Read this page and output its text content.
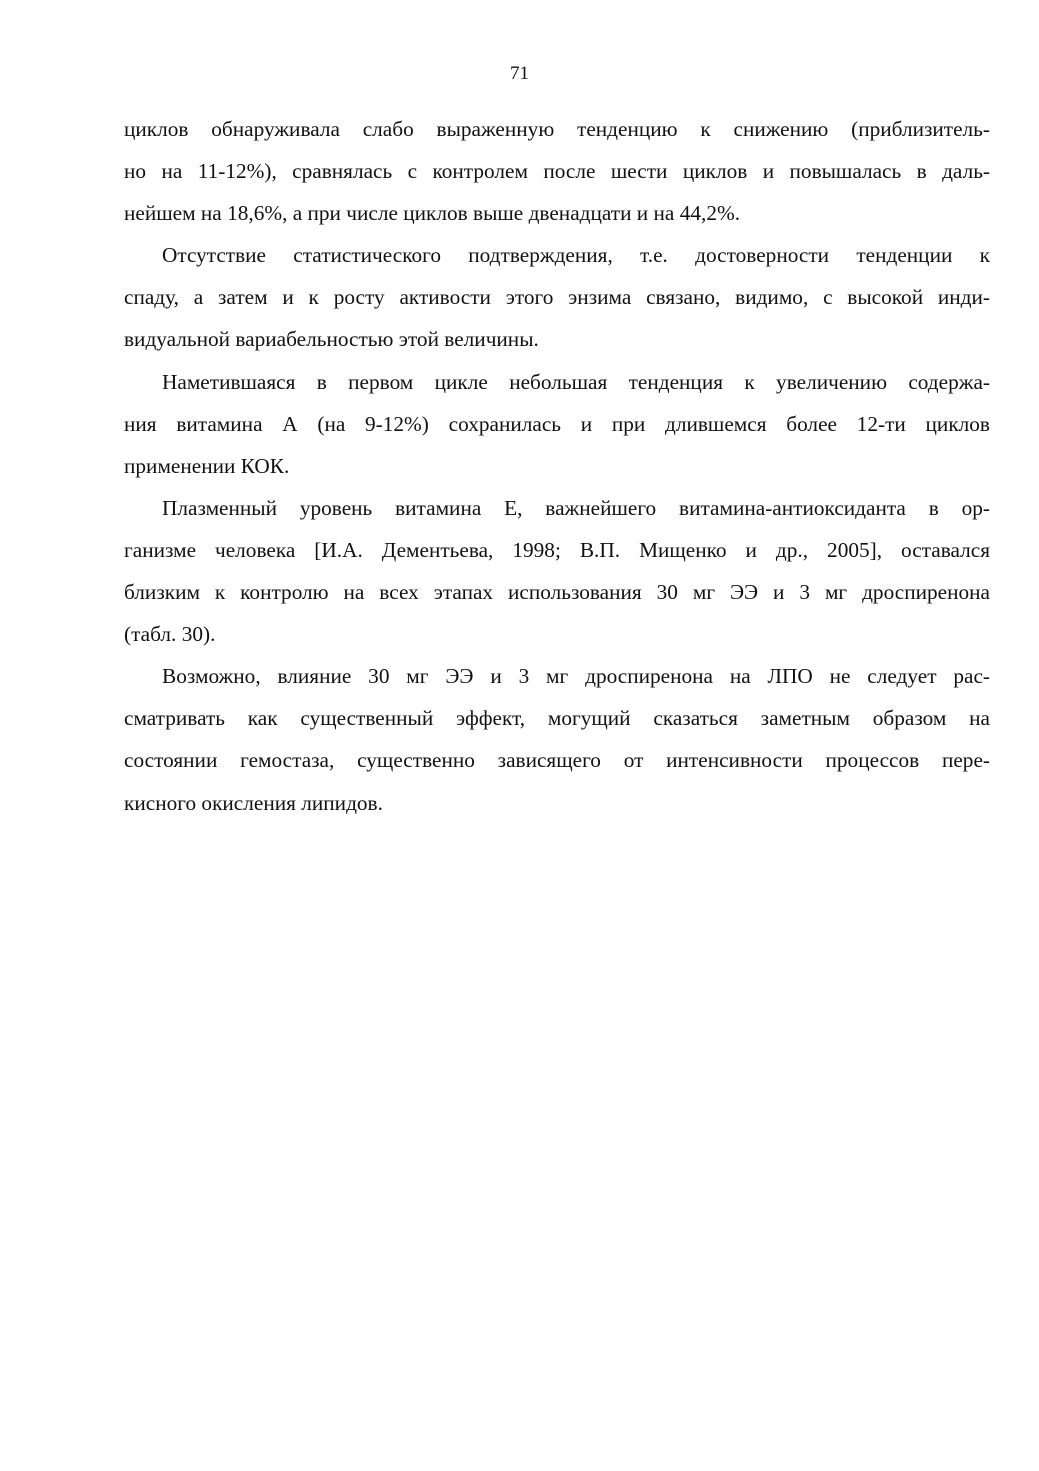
71
циклов обнаруживала слабо выраженную тенденцию к снижению (приблизитель-
но на 11-12%), сравнялась с контролем после шести циклов и повышалась в даль-
нейшем на 18,6%, а при числе циклов выше двенадцати и на 44,2%.
Отсутствие статистического подтверждения, т.е. достоверности тенденции к
спаду, а затем и к росту активости этого энзима связано, видимо, с высокой инди-
видуальной вариабельностью этой величины.
Наметившаяся в первом цикле небольшая тенденция к увеличению содержа-
ния витамина А (на 9-12%) сохранилась и при длившемся более 12-ти циклов
применении КОК.
Плазменный уровень витамина Е, важнейшего витамина-антиоксиданта в ор-
ганизме человека [И.А. Дементьева, 1998; В.П. Мищенко и др., 2005], оставался
близким к контролю на всех этапах использования 30 мг ЭЭ и 3 мг дроспиренона
(табл. 30).
Возможно, влияние 30 мг ЭЭ и 3 мг дроспиренона на ЛПО не следует рас-
сматривать как существенный эффект, могущий сказаться заметным образом на
состоянии гемостаза, существенно зависящего от интенсивности процессов пере-
кисного окисления липидов.
